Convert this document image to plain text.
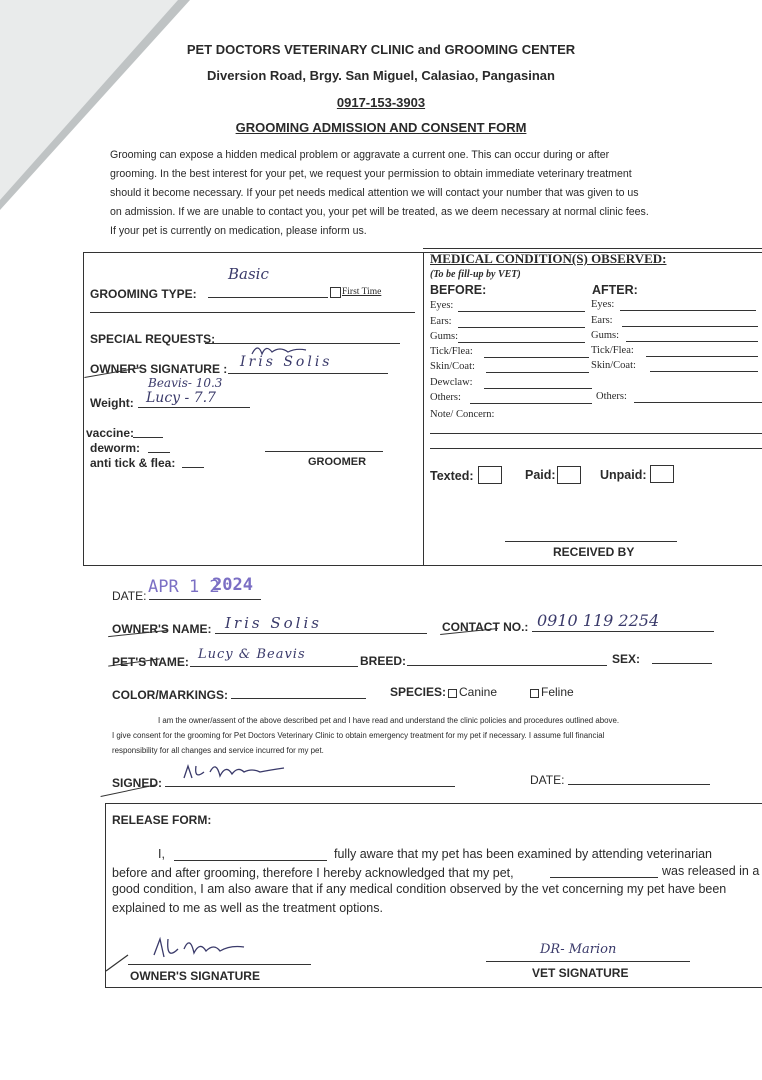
PET DOCTORS VETERINARY CLINIC and GROOMING CENTER
Diversion Road, Brgy. San Miguel, Calasiao, Pangasinan
0917-153-3903
GROOMING ADMISSION AND CONSENT FORM
Grooming can expose a hidden medical problem or aggravate a current one. This can occur during or after
grooming. In the best interest for your pet, we request your permission to obtain immediate veterinary treatment
should it become necessary. If your pet needs medical attention we will contact your number that was given to us
on admission. If we are unable to contact you, your pet will be treated, as we deem necessary at normal clinic fees.
If your pet is currently on medication, please inform us.
GROOMING TYPE:
Basic
First Time
SPECIAL REQUESTS:
OWNER'S SIGNATURE : Iris Solis
Beavis- 10.3
Weight: Lucy - 7.7
vaccine:
deworm:
anti tick & flea:	GROOMER
MEDICAL CONDITION(S) OBSERVED:
(To be fill-up by VET)
BEFORE:	AFTER:
Eyes:
Ears:
Gums:
Tick/Flea:
Skin/Coat:
Dewclaw:
Others:
Eyes:
Ears:
Gums:
Tick/Flea:
Skin/Coat:
Others:
Note/ Concern:
Texted:	Paid:	Unpaid:
RECEIVED BY
DATE: APR 1 2
2024
OWNER'S NAME: Iris Solis	CONTACT NO.: 0910 119 2254
PET'S NAME: Lucy & Beavis	BREED:	SEX:
COLOR/MARKINGS:	SPECIES: Canine	Feline
I am the owner/assent of the above described pet and I have read and understand the clinic policies and procedures outlined above.
I give consent for the grooming for Pet Doctors Veterinary Clinic to obtain emergency treatment for my pet if necessary. I assume full financial
responsibility for all changes and service incurred for my pet.
SIGNED:	DATE:
RELEASE FORM:
I,	fully aware that my pet has been examined by attending veterinarian
before and after grooming, therefore I hereby acknowledged that my pet,	was released in a
good condition, I am also aware that if any medical condition observed by the vet concerning my pet have been
explained to me as well as the treatment options.
OWNER'S SIGNATURE
DR- Marion
VET SIGNATURE
